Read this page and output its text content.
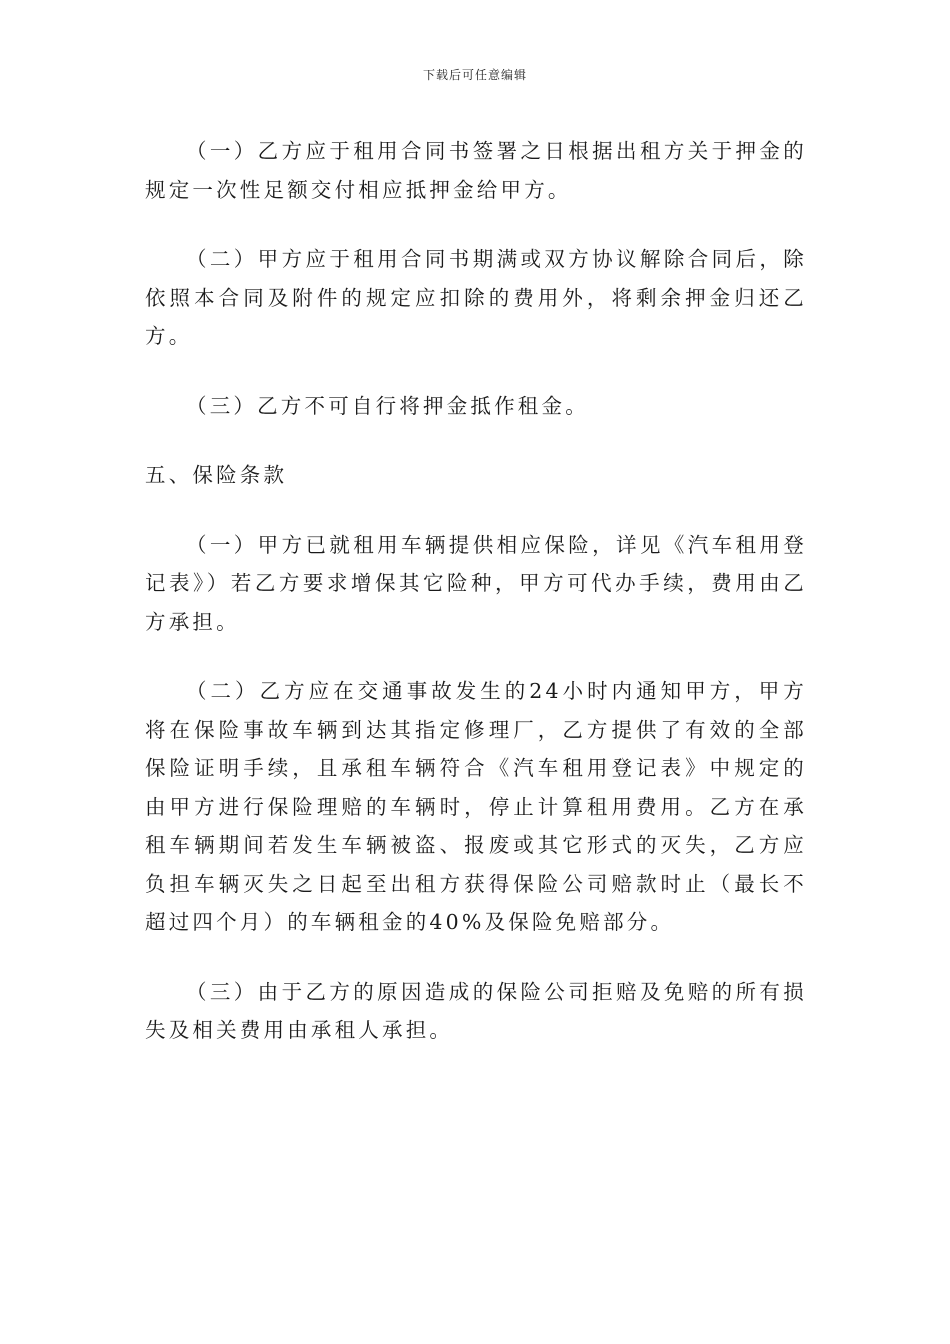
下载后可任意编辑

（一）乙方应于租用合同书签署之日根据出租方关于押金的规定一次性足额交付相应抵押金给甲方。

（二）甲方应于租用合同书期满或双方协议解除合同后，除依照本合同及附件的规定应扣除的费用外，将剩余押金归还乙方。

（三）乙方不可自行将押金抵作租金。

五、保险条款

（一）甲方已就租用车辆提供相应保险，详见《汽车租用登记表》）若乙方要求增保其它险种，甲方可代办手续，费用由乙方承担。

（二）乙方应在交通事故发生的24小时内通知甲方，甲方将在保险事故车辆到达其指定修理厂，乙方提供了有效的全部保险证明手续，且承租车辆符合《汽车租用登记表》中规定的由甲方进行保险理赔的车辆时，停止计算租用费用。乙方在承租车辆期间若发生车辆被盗、报废或其它形式的灭失，乙方应负担车辆灭失之日起至出租方获得保险公司赔款时止（最长不超过四个月）的车辆租金的40%及保险免赔部分。

（三）由于乙方的原因造成的保险公司拒赔及免赔的所有损失及相关费用由承租人承担。
